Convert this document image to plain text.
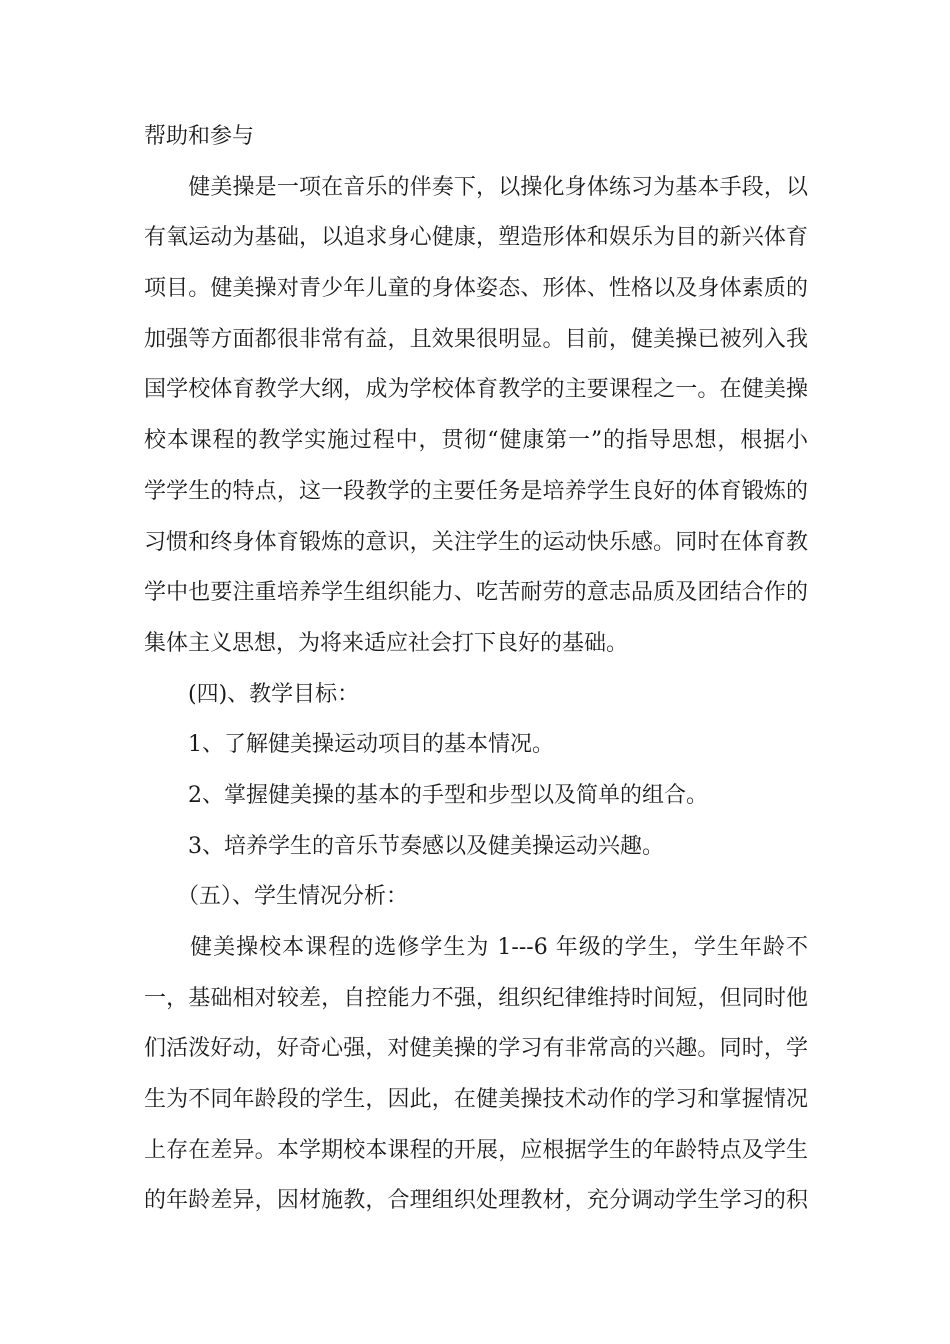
帮助和参与
　　健美操是一项在音乐的伴奏下，以操化身体练习为基本手段，以
有氧运动为基础，以追求身心健康，塑造形体和娱乐为目的新兴体育
项目。健美操对青少年儿童的身体姿态、形体、性格以及身体素质的
加强等方面都很非常有益，且效果很明显。目前，健美操已被列入我
国学校体育教学大纲，成为学校体育教学的主要课程之一。在健美操
校本课程的教学实施过程中，贯彻“健康第一”的指导思想，根据小
学学生的特点，这一段教学的主要任务是培养学生良好的体育锻炼的
习惯和终身体育锻炼的意识，关注学生的运动快乐感。同时在体育教
学中也要注重培养学生组织能力、吃苦耐劳的意志品质及团结合作的
集体主义思想，为将来适应社会打下良好的基础。
　　(四)、教学目标：
　　1、了解健美操运动项目的基本情况。
　　2、掌握健美操的基本的手型和步型以及简单的组合。
　　3、培养学生的音乐节奏感以及健美操运动兴趣。
　　（五）、学生情况分析：
　　健美操校本课程的选修学生为 1---6 年级的学生，学生年龄不
一，基础相对较差，自控能力不强，组织纪律维持时间短，但同时他
们活泼好动，好奇心强，对健美操的学习有非常高的兴趣。同时，学
生为不同年龄段的学生，因此，在健美操技术动作的学习和掌握情况
上存在差异。本学期校本课程的开展，应根据学生的年龄特点及学生
的年龄差异，因材施教，合理组织处理教材，充分调动学生学习的积
